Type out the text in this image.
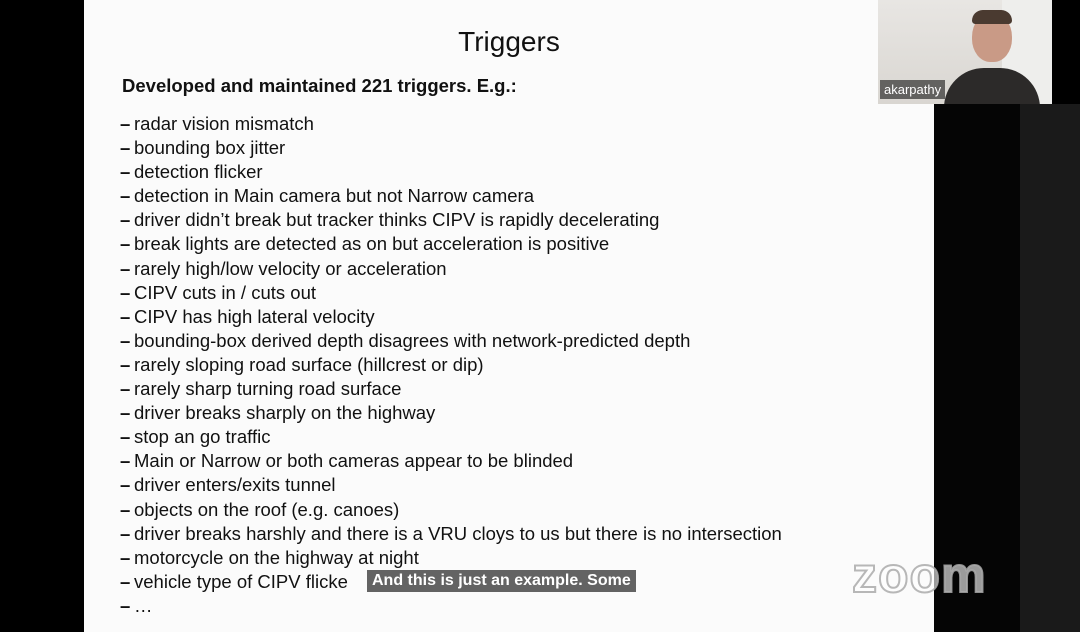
Triggers
Developed and maintained 221 triggers. E.g.:
– radar vision mismatch
– bounding box jitter
– detection flicker
– detection in Main camera but not Narrow camera
– driver didn’t break but tracker thinks CIPV is rapidly decelerating
– break lights are detected as on but acceleration is positive
– rarely high/low velocity or acceleration
– CIPV cuts in / cuts out
– CIPV has high lateral velocity
– bounding-box derived depth disagrees with network-predicted depth
– rarely sloping road surface (hillcrest or dip)
– rarely sharp turning road surface
– driver breaks sharply on the highway
– stop an go traffic
– Main or Narrow or both cameras appear to be blinded
– driver enters/exits tunnel
– objects on the roof (e.g. canoes)
– driver breaks harshly and there is a VRU cloys to us but there is no intersection
– motorcycle on the highway at night
– vehicle type of CIPV flicke
– …
akarpathy
zoom
And this is just an example. Some
